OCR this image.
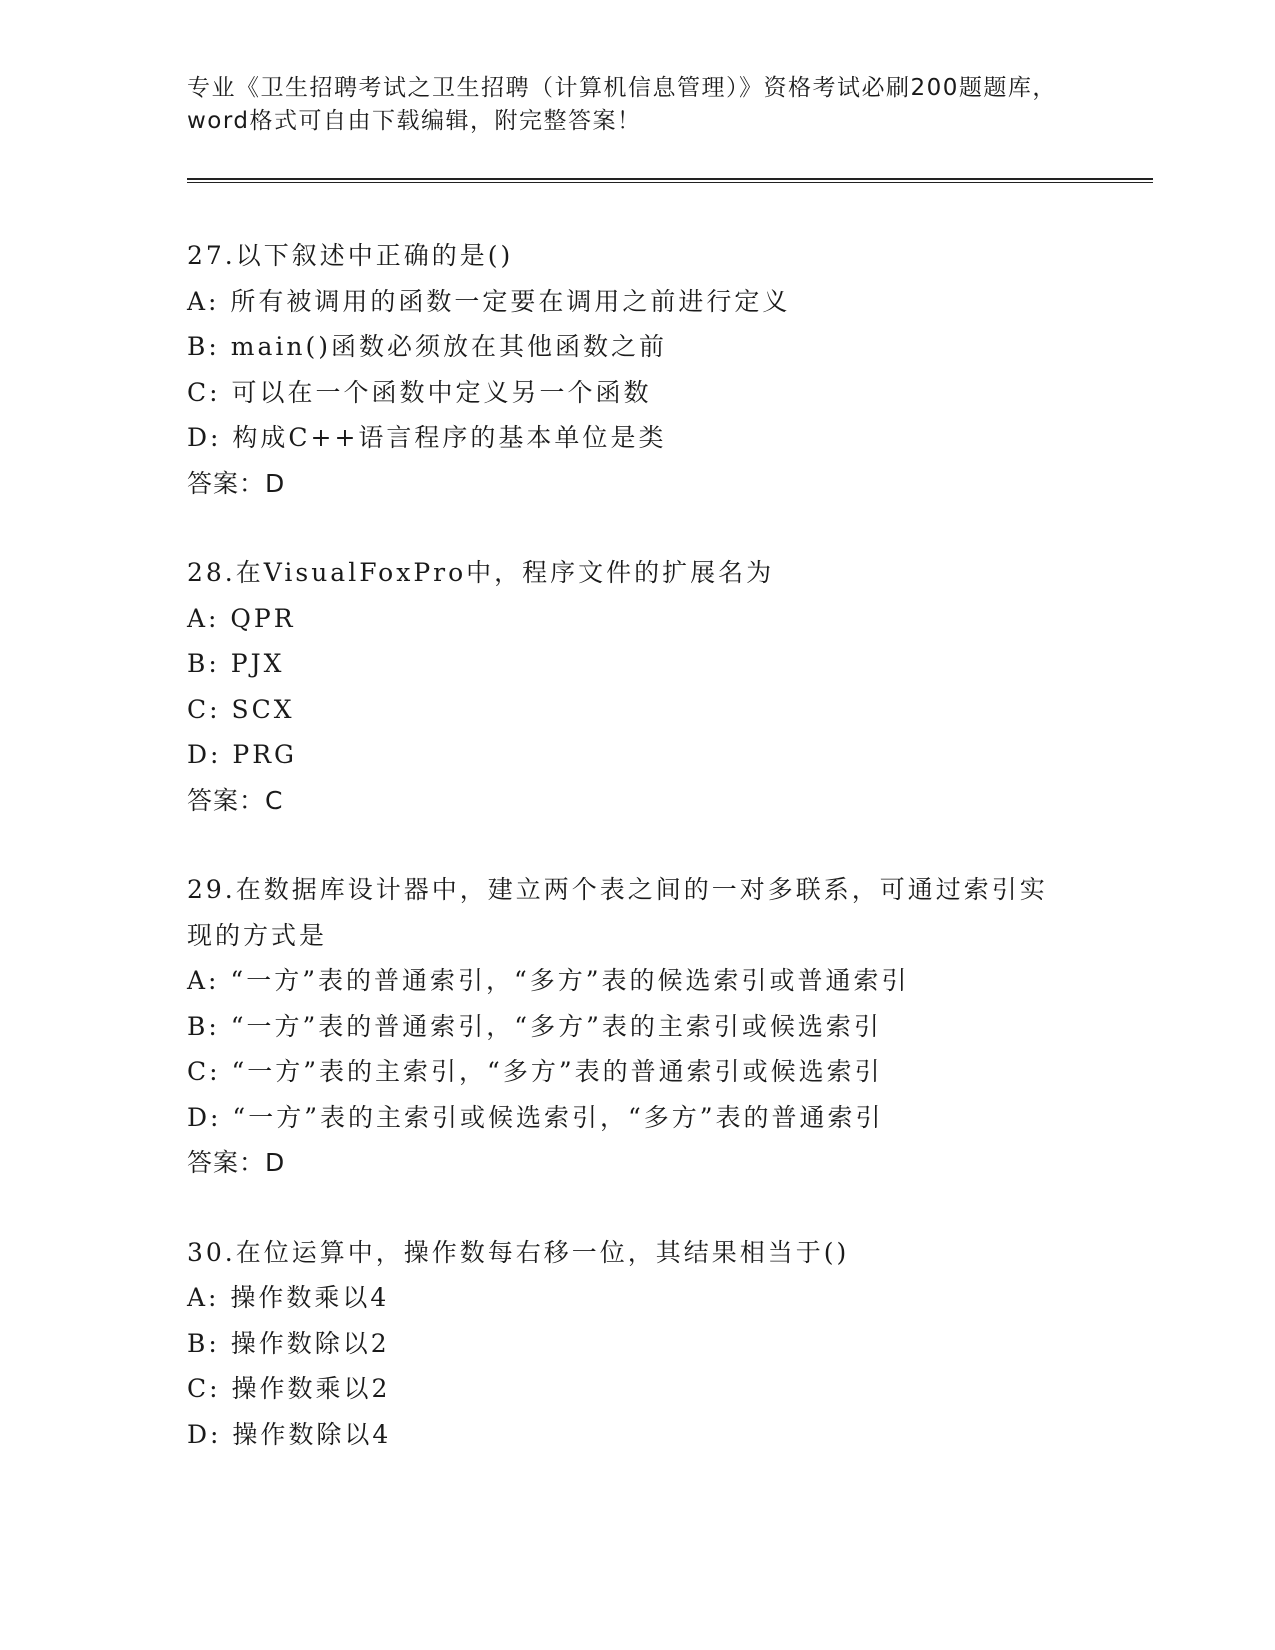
专业《卫生招聘考试之卫生招聘（计算机信息管理）》资格考试必刷200题题库，
word格式可自由下载编辑，附完整答案！
27.以下叙述中正确的是()
A: 所有被调用的函数一定要在调用之前进行定义
B: main()函数必须放在其他函数之前
C: 可以在一个函数中定义另一个函数
D: 构成C++语言程序的基本单位是类
答案：D
28.在VisualFoxPro中，程序文件的扩展名为
A: QPR
B: PJX
C: SCX
D: PRG
答案：C
29.在数据库设计器中，建立两个表之间的一对多联系，可通过索引实
现的方式是
A: “一方”表的普通索引，“多方”表的候选索引或普通索引
B: “一方”表的普通索引，“多方”表的主索引或候选索引
C: “一方”表的主索引，“多方”表的普通索引或候选索引
D: “一方”表的主索引或候选索引，“多方”表的普通索引
答案：D
30.在位运算中，操作数每右移一位，其结果相当于()
A: 操作数乘以4
B: 操作数除以2
C: 操作数乘以2
D: 操作数除以4
